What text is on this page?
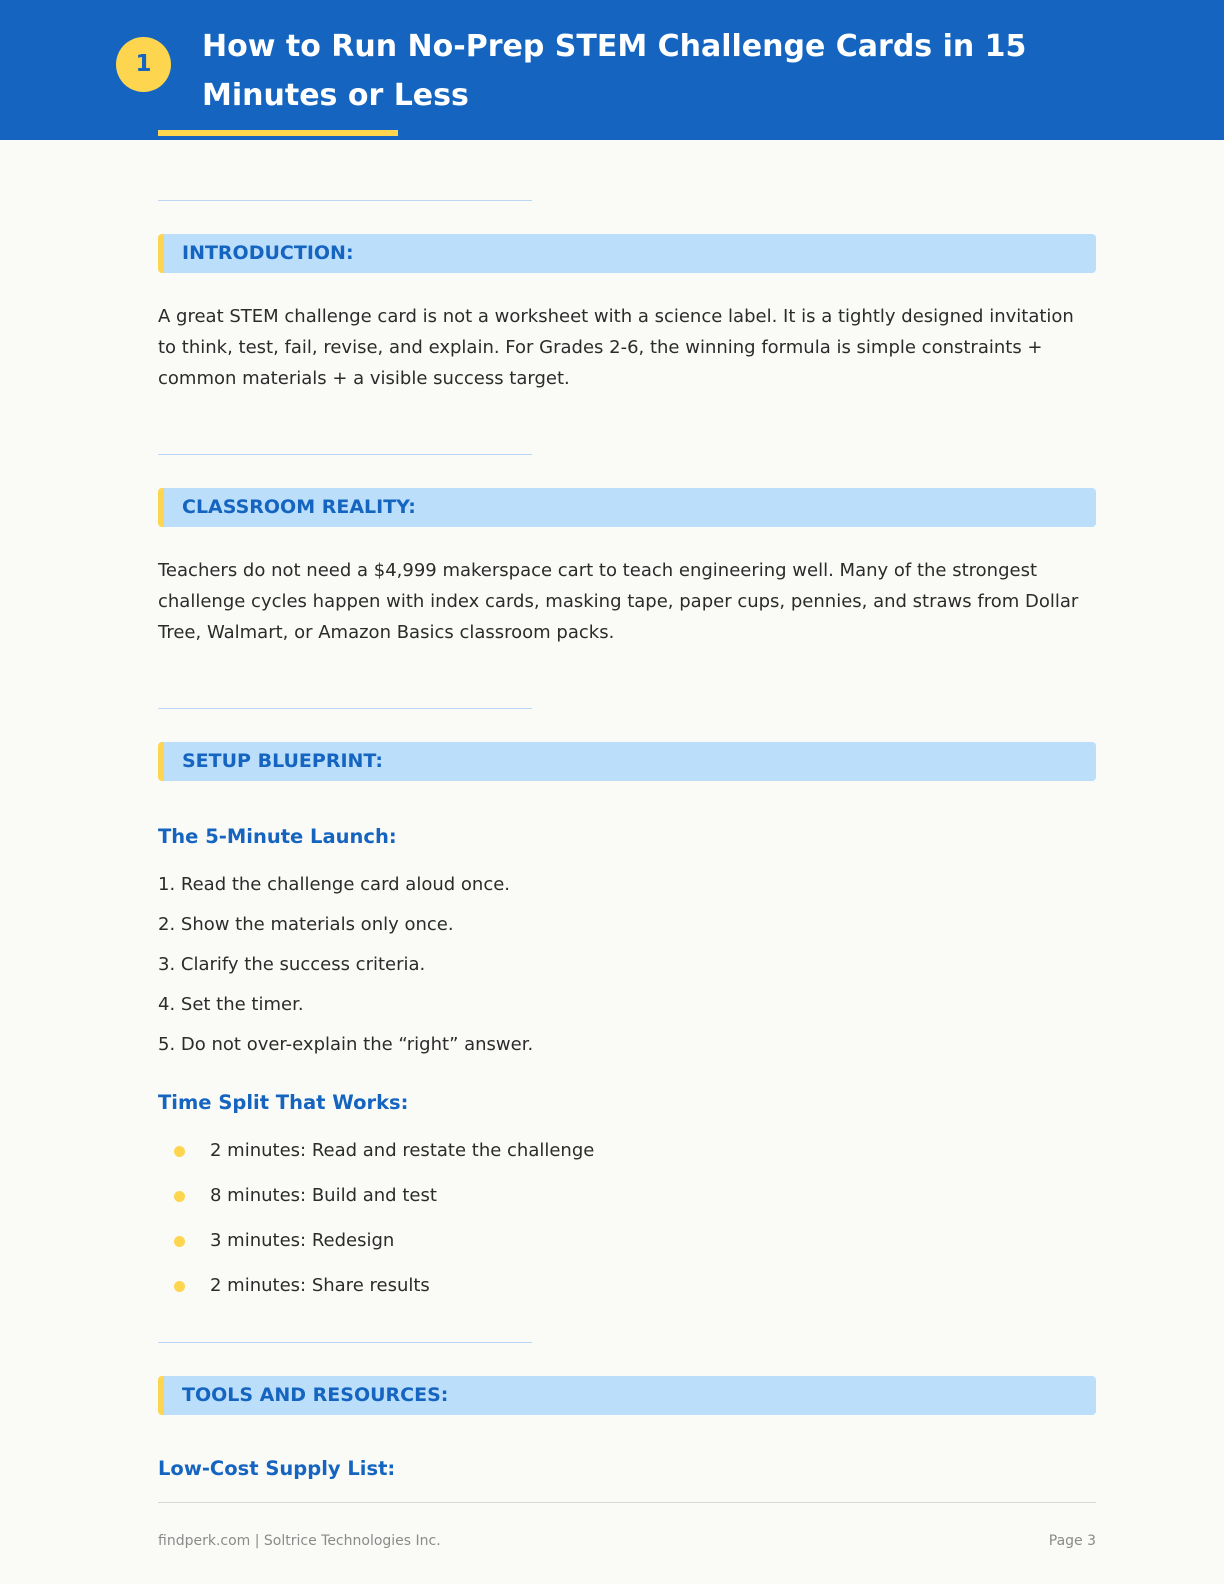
1	How to Run No-Prep STEM Challenge Cards in 15 Minutes or Less
INTRODUCTION:

A great STEM challenge card is not a worksheet with a science label. It is a tightly designed invitation to think, test, fail, revise, and explain. For Grades 2-6, the winning formula is simple constraints + common materials + a visible success target.

CLASSROOM REALITY:

Teachers do not need a $4,999 makerspace cart to teach engineering well. Many of the strongest challenge cycles happen with index cards, masking tape, paper cups, pennies, and straws from Dollar Tree, Walmart, or Amazon Basics classroom packs.

SETUP BLUEPRINT:
The 5-Minute Launch:
1. Read the challenge card aloud once.
2. Show the materials only once.
3. Clarify the success criteria.
4. Set the timer.
5. Do not over-explain the “right” answer.
Time Split That Works:
2 minutes: Read and restate the challenge
8 minutes: Build and test
3 minutes: Redesign
2 minutes: Share results
TOOLS AND RESOURCES:
Low-Cost Supply List:
findperk.com | Soltrice Technologies Inc.	Page 3
